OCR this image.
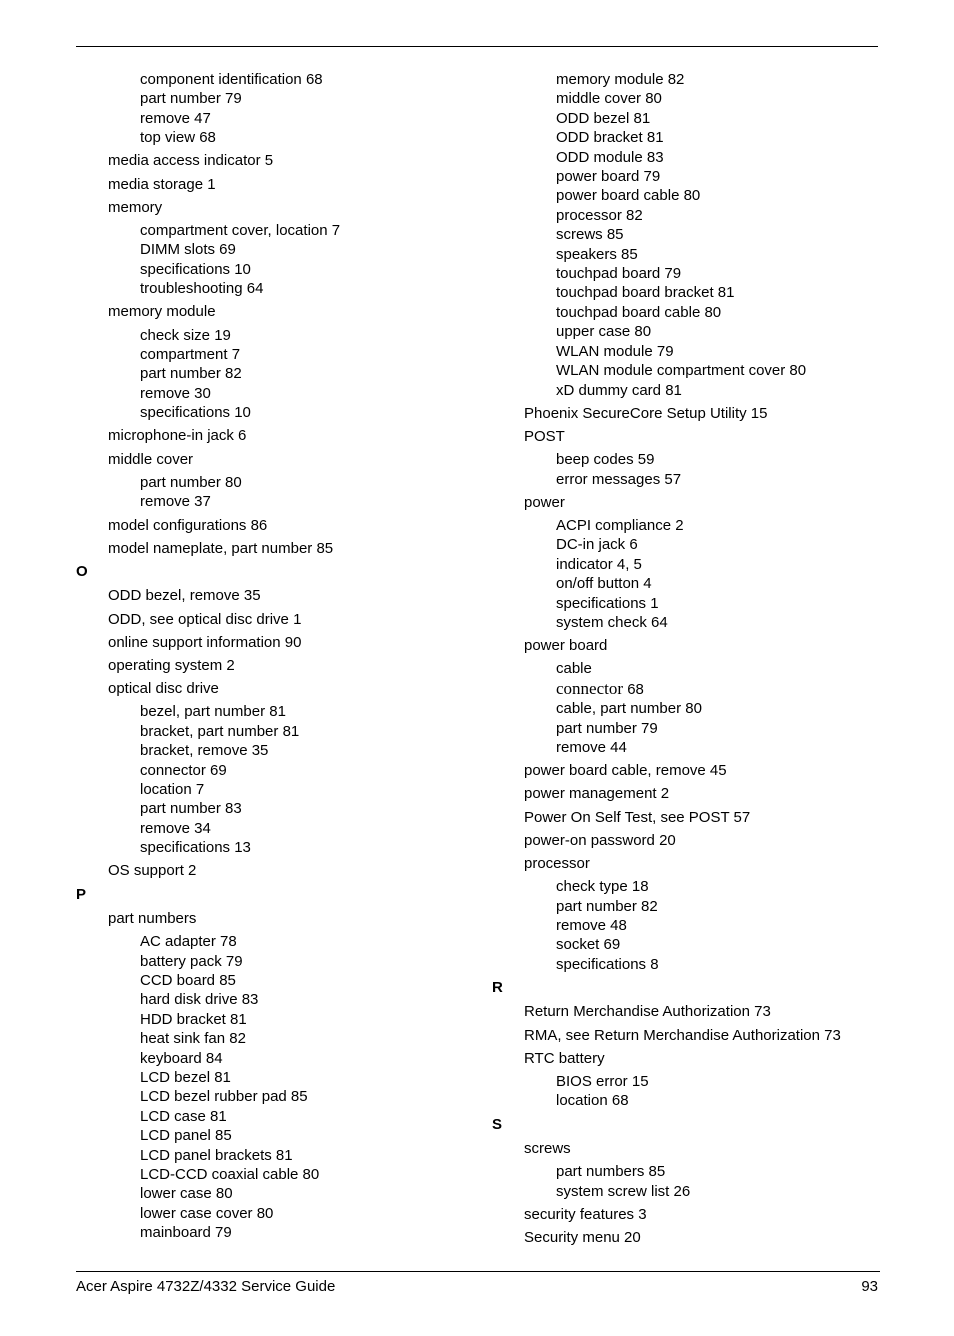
component identification 68
part number 79
remove 47
top view 68
media access indicator 5
media storage 1
memory
compartment cover, location 7
DIMM slots 69
specifications 10
troubleshooting 64
memory module
check size 19
compartment 7
part number 82
remove 30
specifications 10
microphone-in jack 6
middle cover
part number 80
remove 37
model configurations 86
model nameplate, part number 85
O
ODD bezel, remove 35
ODD, see optical disc drive 1
online support information 90
operating system 2
optical disc drive
bezel, part number 81
bracket, part number 81
bracket, remove 35
connector 69
location 7
part number 83
remove 34
specifications 13
OS support 2
P
part numbers
AC adapter 78
battery pack 79
CCD board 85
hard disk drive 83
HDD bracket 81
heat sink fan 82
keyboard 84
LCD bezel 81
LCD bezel rubber pad 85
LCD case 81
LCD panel 85
LCD panel brackets 81
LCD-CCD coaxial cable 80
lower case 80
lower case cover 80
mainboard 79
memory module 82
middle cover 80
ODD bezel 81
ODD bracket 81
ODD module 83
power board 79
power board cable 80
processor 82
screws 85
speakers 85
touchpad board 79
touchpad board bracket 81
touchpad board cable 80
upper case 80
WLAN module 79
WLAN module compartment cover 80
xD dummy card 81
Phoenix SecureCore Setup Utility 15
POST
beep codes 59
error messages 57
power
ACPI compliance 2
DC-in jack 6
indicator 4, 5
on/off button 4
specifications 1
system check 64
power board
cable
connector 68
cable, part number 80
part number 79
remove 44
power board cable, remove 45
power management 2
Power On Self Test, see POST 57
power-on password 20
processor
check type 18
part number 82
remove 48
socket 69
specifications 8
R
Return Merchandise Authorization 73
RMA, see Return Merchandise Authorization 73
RTC battery
BIOS error 15
location 68
S
screws
part numbers 85
system screw list 26
security features 3
Security menu 20
Acer Aspire 4732Z/4332 Service Guide	93
